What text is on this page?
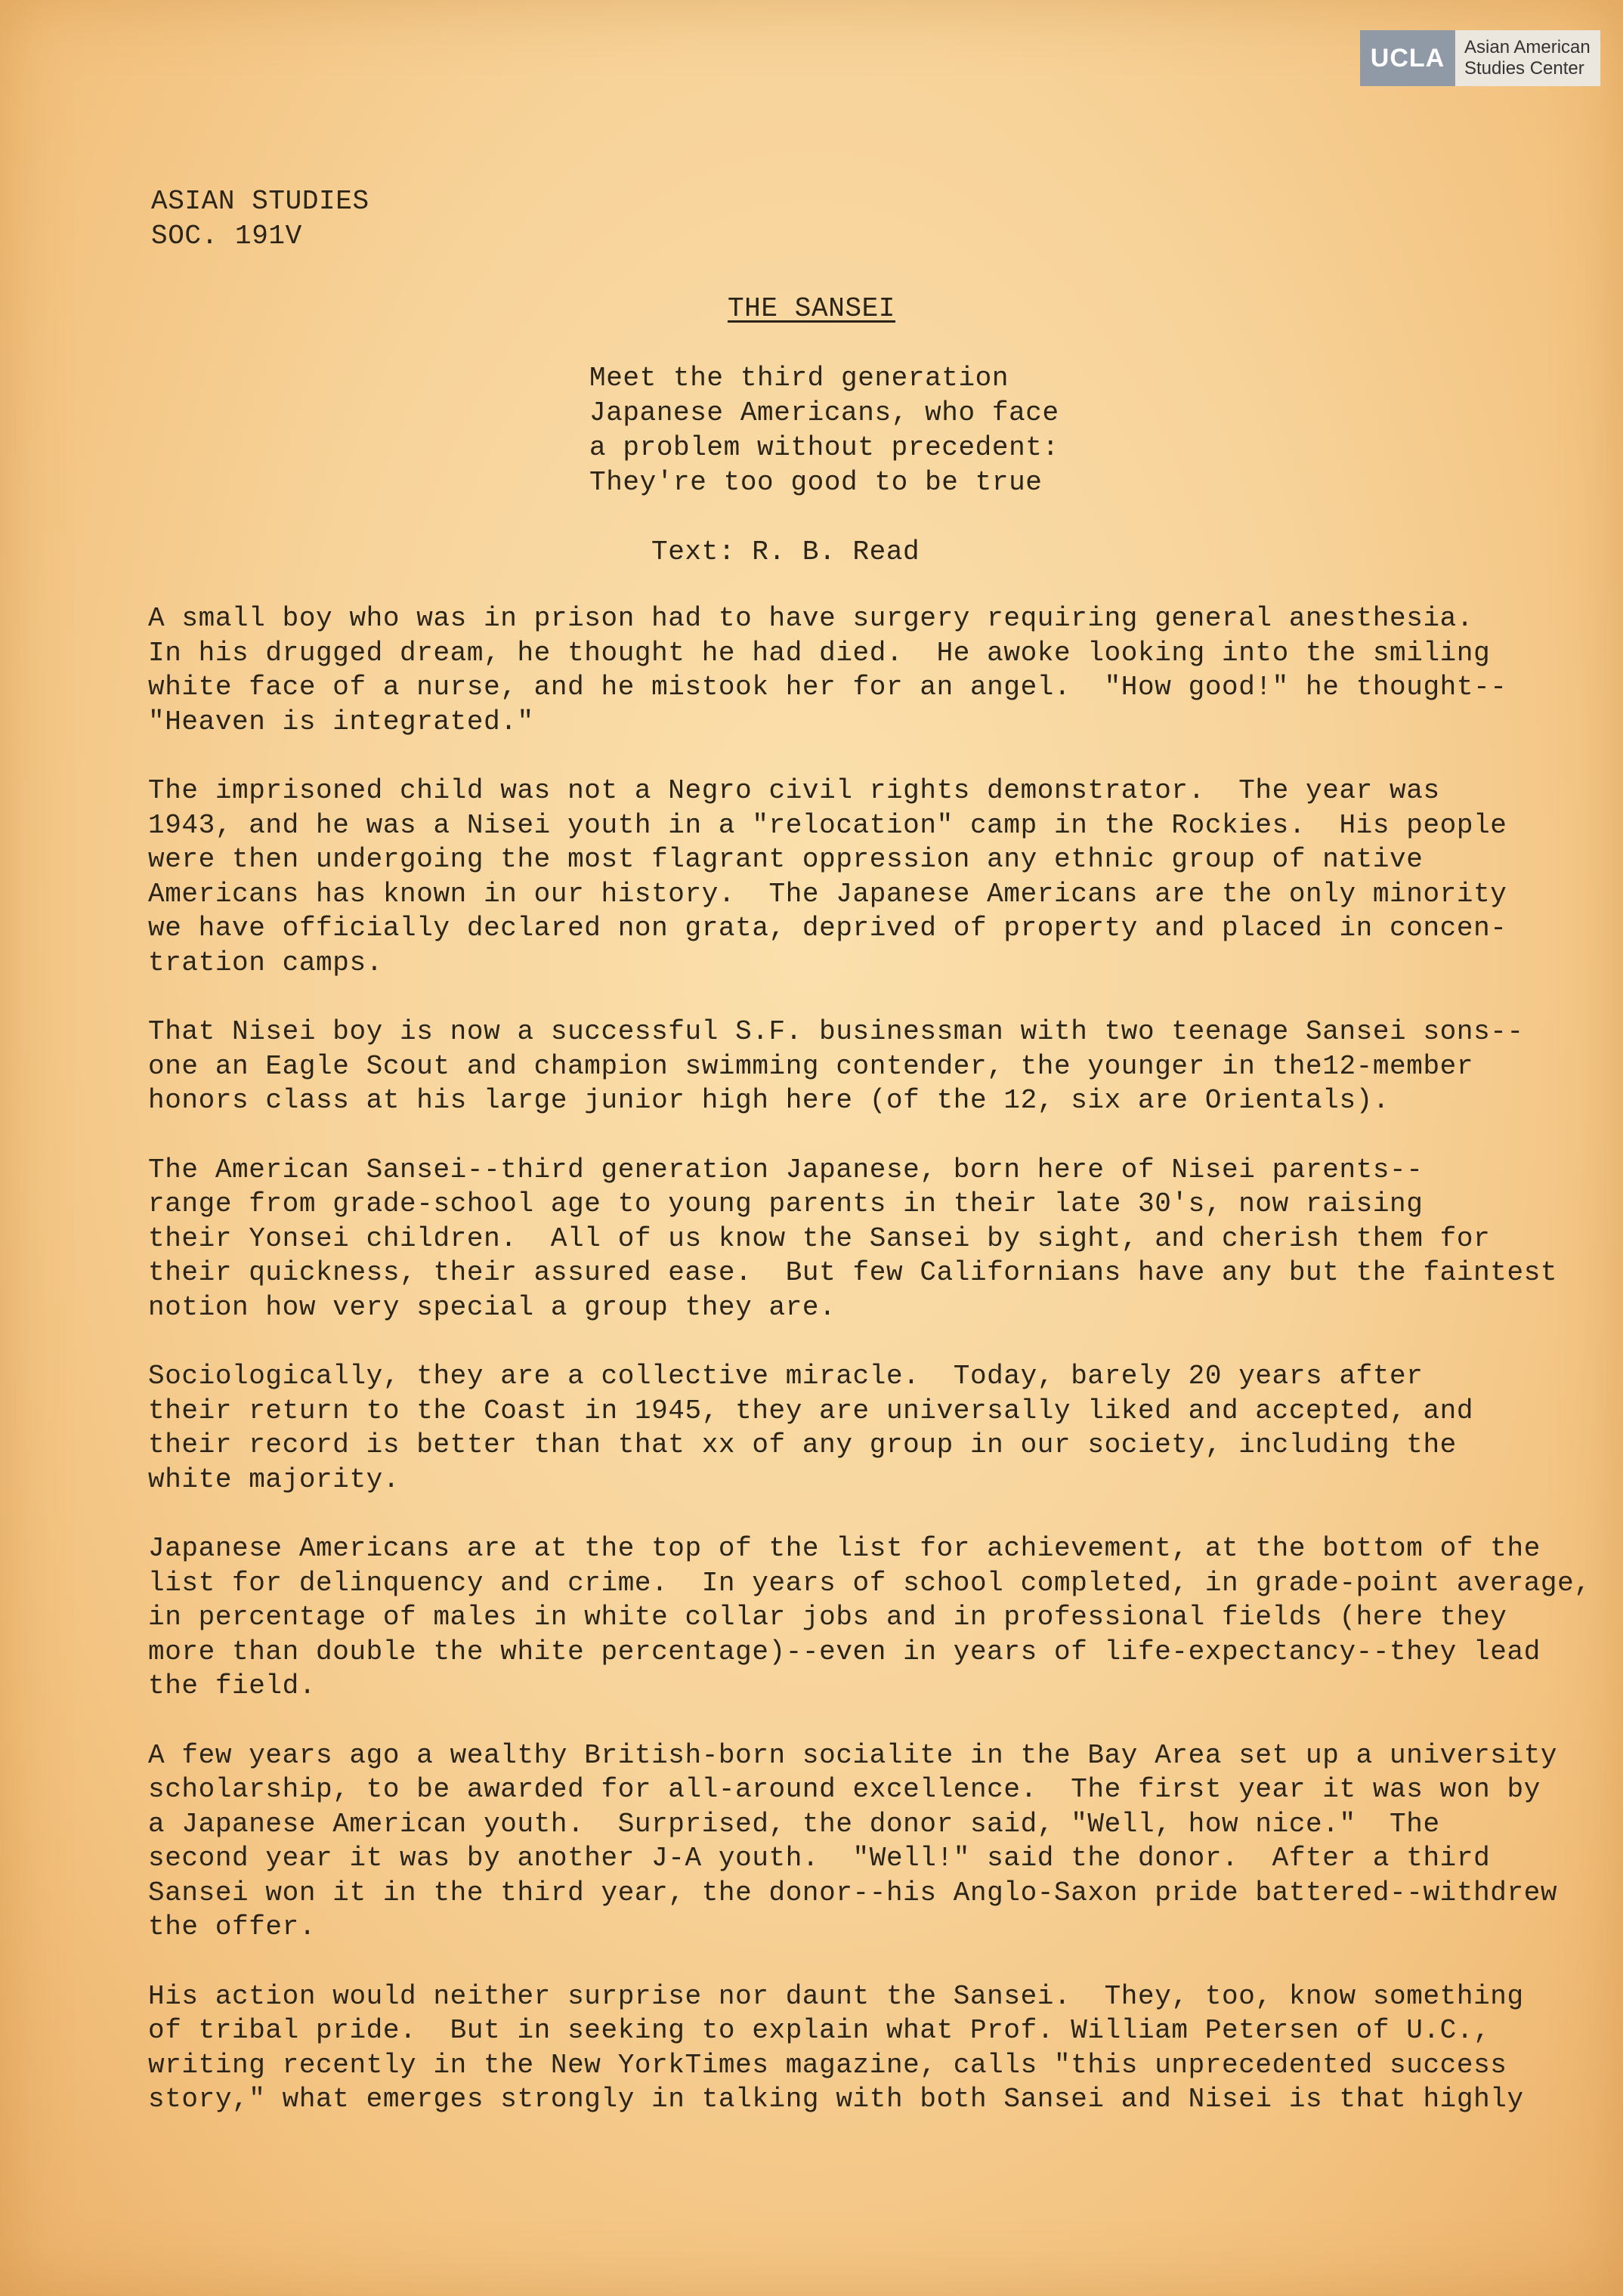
UCLA	Asian American
Studies Center
ASIAN STUDIES
SOC. 191V
THE SANSEI
Meet the third generation
Japanese Americans, who face
a problem without precedent:
They're too good to be true
Text: R. B. Read

A small boy who was in prison had to have surgery requiring general anesthesia.
In his drugged dream, he thought he had died.  He awoke looking into the smiling
white face of a nurse, and he mistook her for an angel.  "How good!" he thought--
"Heaven is integrated."

The imprisoned child was not a Negro civil rights demonstrator.  The year was
1943, and he was a Nisei youth in a "relocation" camp in the Rockies.  His people
were then undergoing the most flagrant oppression any ethnic group of native
Americans has known in our history.  The Japanese Americans are the only minority
we have officially declared non grata, deprived of property and placed in concen-
tration camps.

That Nisei boy is now a successful S.F. businessman with two teenage Sansei sons--
one an Eagle Scout and champion swimming contender, the younger in the12-member
honors class at his large junior high here (of the 12, six are Orientals).

The American Sansei--third generation Japanese, born here of Nisei parents--
range from grade-school age to young parents in their late 30's, now raising
their Yonsei children.  All of us know the Sansei by sight, and cherish them for
their quickness, their assured ease.  But few Californians have any but the faintest
notion how very special a group they are.

Sociologically, they are a collective miracle.  Today, barely 20 years after
their return to the Coast in 1945, they are universally liked and accepted, and
their record is better than that xx of any group in our society, including the
white majority.

Japanese Americans are at the top of the list for achievement, at the bottom of the
list for delinquency and crime.  In years of school completed, in grade-point average,
in percentage of males in white collar jobs and in professional fields (here they
more than double the white percentage)--even in years of life-expectancy--they lead
the field.

A few years ago a wealthy British-born socialite in the Bay Area set up a university
scholarship, to be awarded for all-around excellence.  The first year it was won by
a Japanese American youth.  Surprised, the donor said, "Well, how nice."  The
second year it was by another J-A youth.  "Well!" said the donor.  After a third
Sansei won it in the third year, the donor--his Anglo-Saxon pride battered--withdrew
the offer.

His action would neither surprise nor daunt the Sansei.  They, too, know something
of tribal pride.  But in seeking to explain what Prof. William Petersen of U.C.,
writing recently in the New YorkTimes magazine, calls "this unprecedented success
story," what emerges strongly in talking with both Sansei and Nisei is that highly
